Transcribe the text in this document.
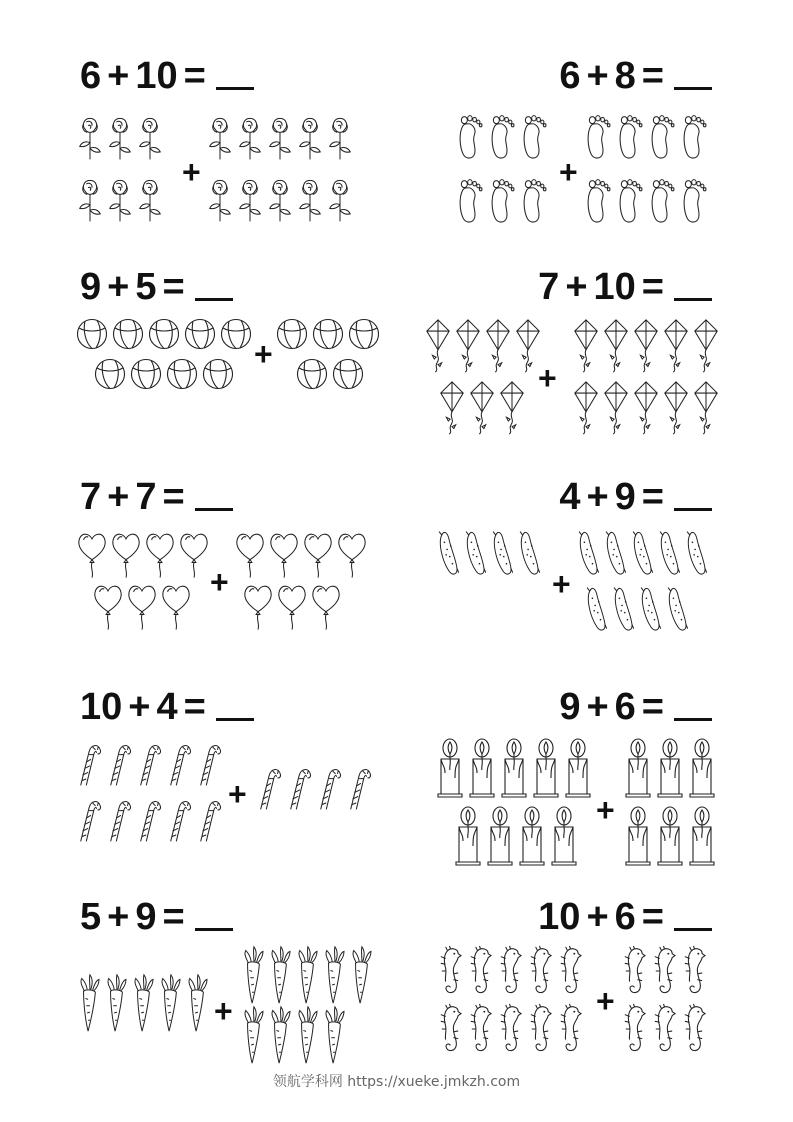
6 + 10 =
+
6 + 8 =
+
9 + 5 =
+
7 + 10 =
+
7 + 7 =
+
4 + 9 =
+
10 + 4 =
+
9 + 6 =
+
5 + 9 =
+
10 + 6 =
+
领航学科网 https://xueke.jmkzh.com
